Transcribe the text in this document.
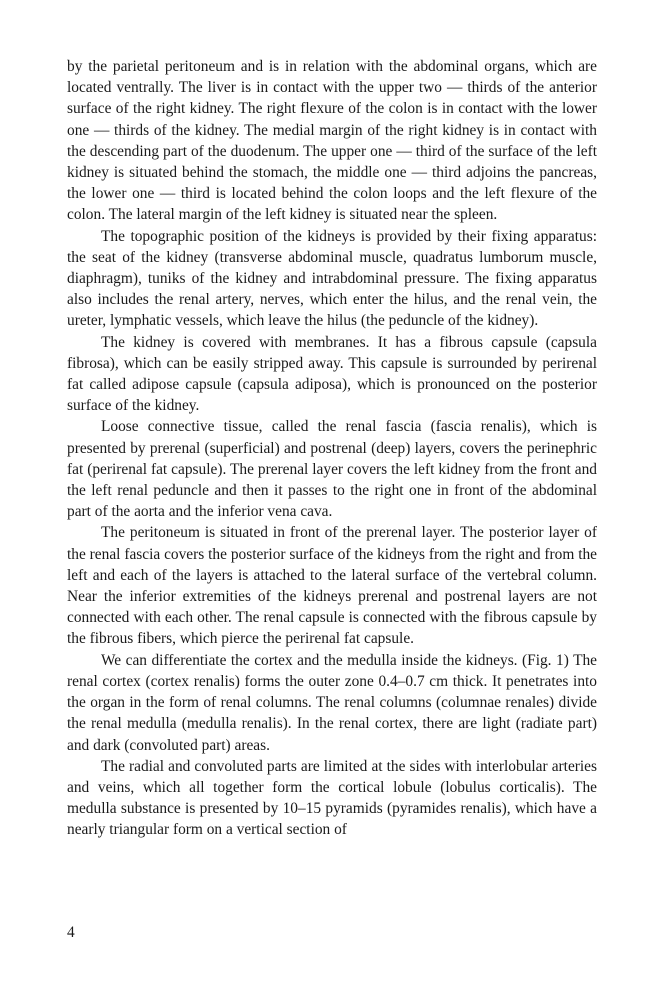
by the parietal peritoneum and is in relation with the abdominal organs, which are located ventrally. The liver is in contact with the upper two — thirds of the anterior surface of the right kidney. The right flexure of the colon is in contact with the lower one — thirds of the kidney. The medial margin of the right kidney is in contact with the descending part of the duodenum. The upper one — third of the surface of the left kidney is situated behind the stomach, the middle one — third adjoins the pancreas, the lower one — third is located behind the colon loops and the left flexure of the colon. The lateral margin of the left kidney is situated near the spleen.

The topographic position of the kidneys is provided by their fixing apparatus: the seat of the kidney (transverse abdominal muscle, quadratus lumborum muscle, diaphragm), tuniks of the kidney and intrabdominal pressure. The fixing apparatus also includes the renal artery, nerves, which enter the hilus, and the renal vein, the ureter, lymphatic vessels, which leave the hilus (the peduncle of the kidney).

The kidney is covered with membranes. It has a fibrous capsule (capsula fibrosa), which can be easily stripped away. This capsule is surrounded by perirenal fat called adipose capsule (capsula adiposa), which is pronounced on the posterior surface of the kidney.

Loose connective tissue, called the renal fascia (fascia renalis), which is presented by prerenal (superficial) and postrenal (deep) layers, covers the perinephric fat (perirenal fat capsule). The prerenal layer covers the left kidney from the front and the left renal peduncle and then it passes to the right one in front of the abdominal part of the aorta and the inferior vena cava.

The peritoneum is situated in front of the prerenal layer. The posterior layer of the renal fascia covers the posterior surface of the kidneys from the right and from the left and each of the layers is attached to the lateral surface of the vertebral column. Near the inferior extremities of the kidneys prerenal and postrenal layers are not connected with each other. The renal capsule is connected with the fibrous capsule by the fibrous fibers, which pierce the perirenal fat capsule.

We can differentiate the cortex and the medulla inside the kidneys. (Fig. 1) The renal cortex (cortex renalis) forms the outer zone 0.4–0.7 cm thick. It penetrates into the organ in the form of renal columns. The renal columns (columnae renales) divide the renal medulla (medulla renalis). In the renal cortex, there are light (radiate part) and dark (convoluted part) areas.

The radial and convoluted parts are limited at the sides with interlobular arteries and veins, which all together form the cortical lobule (lobulus corticalis). The medulla substance is presented by 10–15 pyramids (pyramides renalis), which have a nearly triangular form on a vertical section of

4
